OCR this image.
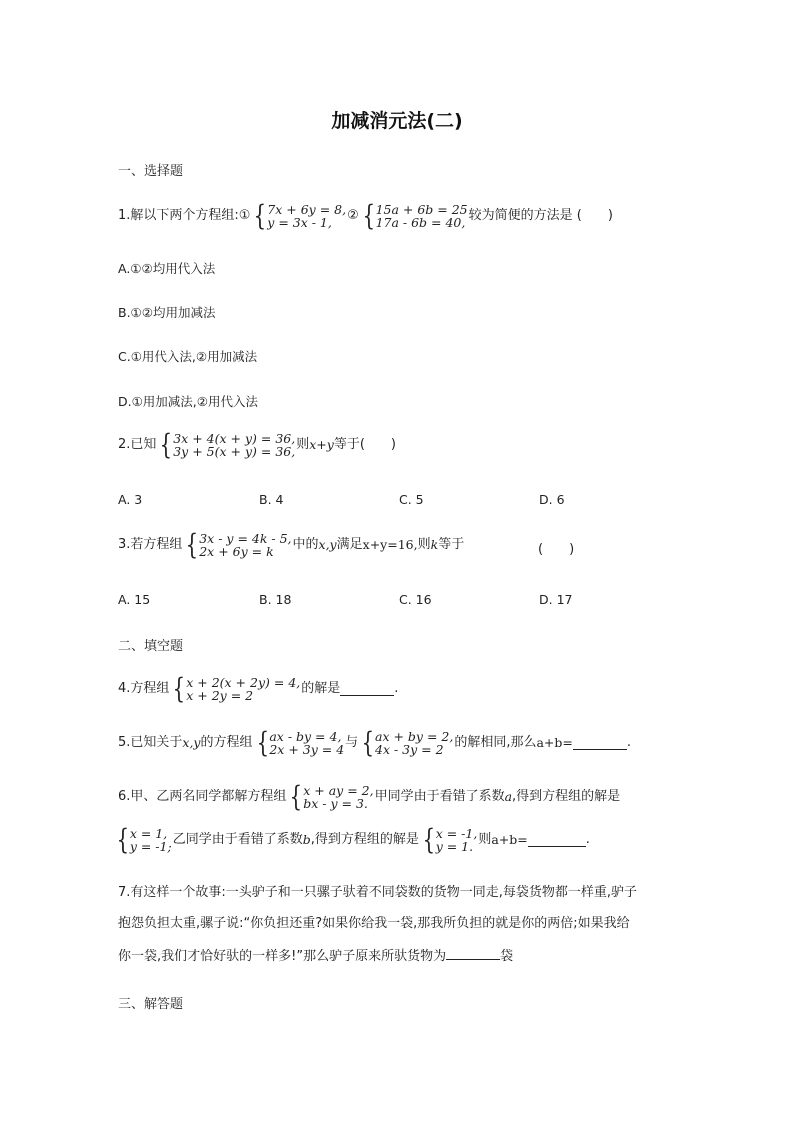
加减消元法(二)
一、选择题
1.解以下两个方程组:① { 7x + 6y = 8,
y = 3x - 1,	② { 15a + 6b = 25
17a - 6b = 40, 较为简便的方法是 (　　)
A.①②均用代入法
B.①②均用加减法
C.①用代入法,②用加减法
D.①用加减法,②用代入法
2.已知 { 3x + 4(x + y) = 36,
3y + 5(x + y) = 36, 则x+y等于(　　)
A. 3	B. 4	C. 5	D. 6
3.若方程组 { 3x - y = 4k - 5,
2x + 6y = k	中的x,y满足x+y=16,则k等于	(　　)
A. 15	B. 18	C. 16	D. 17
二、填空题
4.方程组 { x + 2(x + 2y) = 4,
x + 2y = 2	的解是	.
5.已知关于x,y的方程组 { ax - by = 4,
2x + 3y = 4 与 { ax + by = 2,
4x - 3y = 2 的解相同,那么a+b=	.
6.甲、乙两名同学都解方程组 { x + ay = 2,
bx - y = 3. 甲同学由于看错了系数a,得到方程组的解是
{ x = 1,
y = -1; 乙同学由于看错了系数b,得到方程组的解是 { x = -1,
y = 1. 则a+b=	.
7.有这样一个故事:一头驴子和一只骡子驮着不同袋数的货物一同走,每袋货物都一样重,驴子
抱怨负担太重,骡子说:“你负担还重?如果你给我一袋,那我所负担的就是你的两倍;如果我给
你一袋,我们才恰好驮的一样多!”那么驴子原来所驮货物为	袋
三、解答题
